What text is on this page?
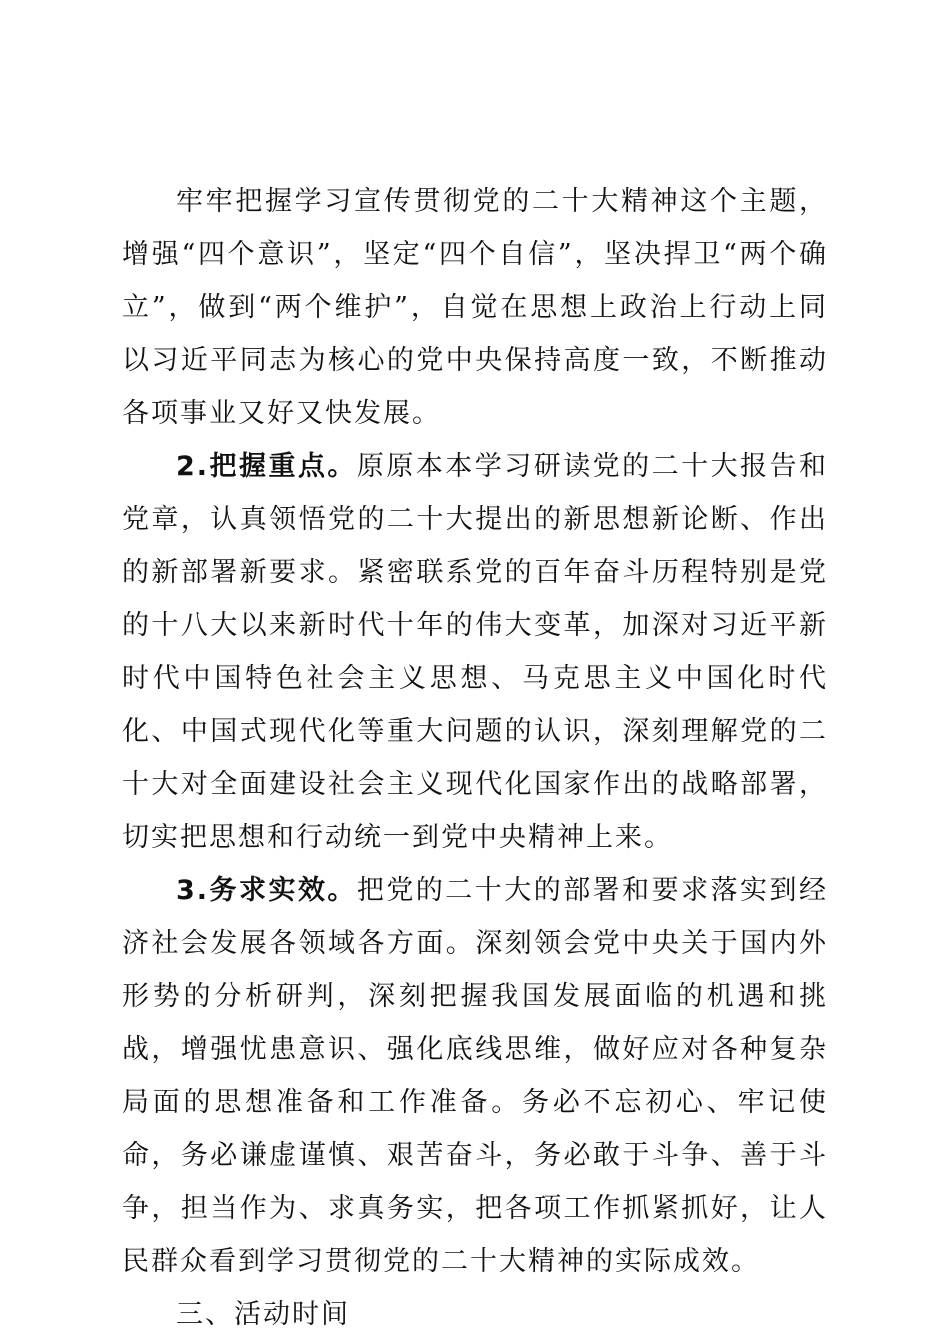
牢牢把握学习宣传贯彻党的二十大精神这个主题，增强“四个意识”，坚定“四个自信”，坚决捍卫“两个确立”，做到“两个维护”，自觉在思想上政治上行动上同以习近平同志为核心的党中央保持高度一致，不断推动各项事业又好又快发展。

2.把握重点。原原本本学习研读党的二十大报告和党章，认真领悟党的二十大提出的新思想新论断、作出的新部署新要求。紧密联系党的百年奋斗历程特别是党的十八大以来新时代十年的伟大变革，加深对习近平新时代中国特色社会主义思想、马克思主义中国化时代化、中国式现代化等重大问题的认识，深刻理解党的二十大对全面建设社会主义现代化国家作出的战略部署，切实把思想和行动统一到党中央精神上来。

3.务求实效。把党的二十大的部署和要求落实到经济社会发展各领域各方面。深刻领会党中央关于国内外形势的分析研判，深刻把握我国发展面临的机遇和挑战，增强忧患意识、强化底线思维，做好应对各种复杂局面的思想准备和工作准备。务必不忘初心、牢记使命，务必谦虚谨慎、艰苦奋斗，务必敢于斗争、善于斗争，担当作为、求真务实，把各项工作抓紧抓好，让人民群众看到学习贯彻党的二十大精神的实际成效。

三、活动时间
